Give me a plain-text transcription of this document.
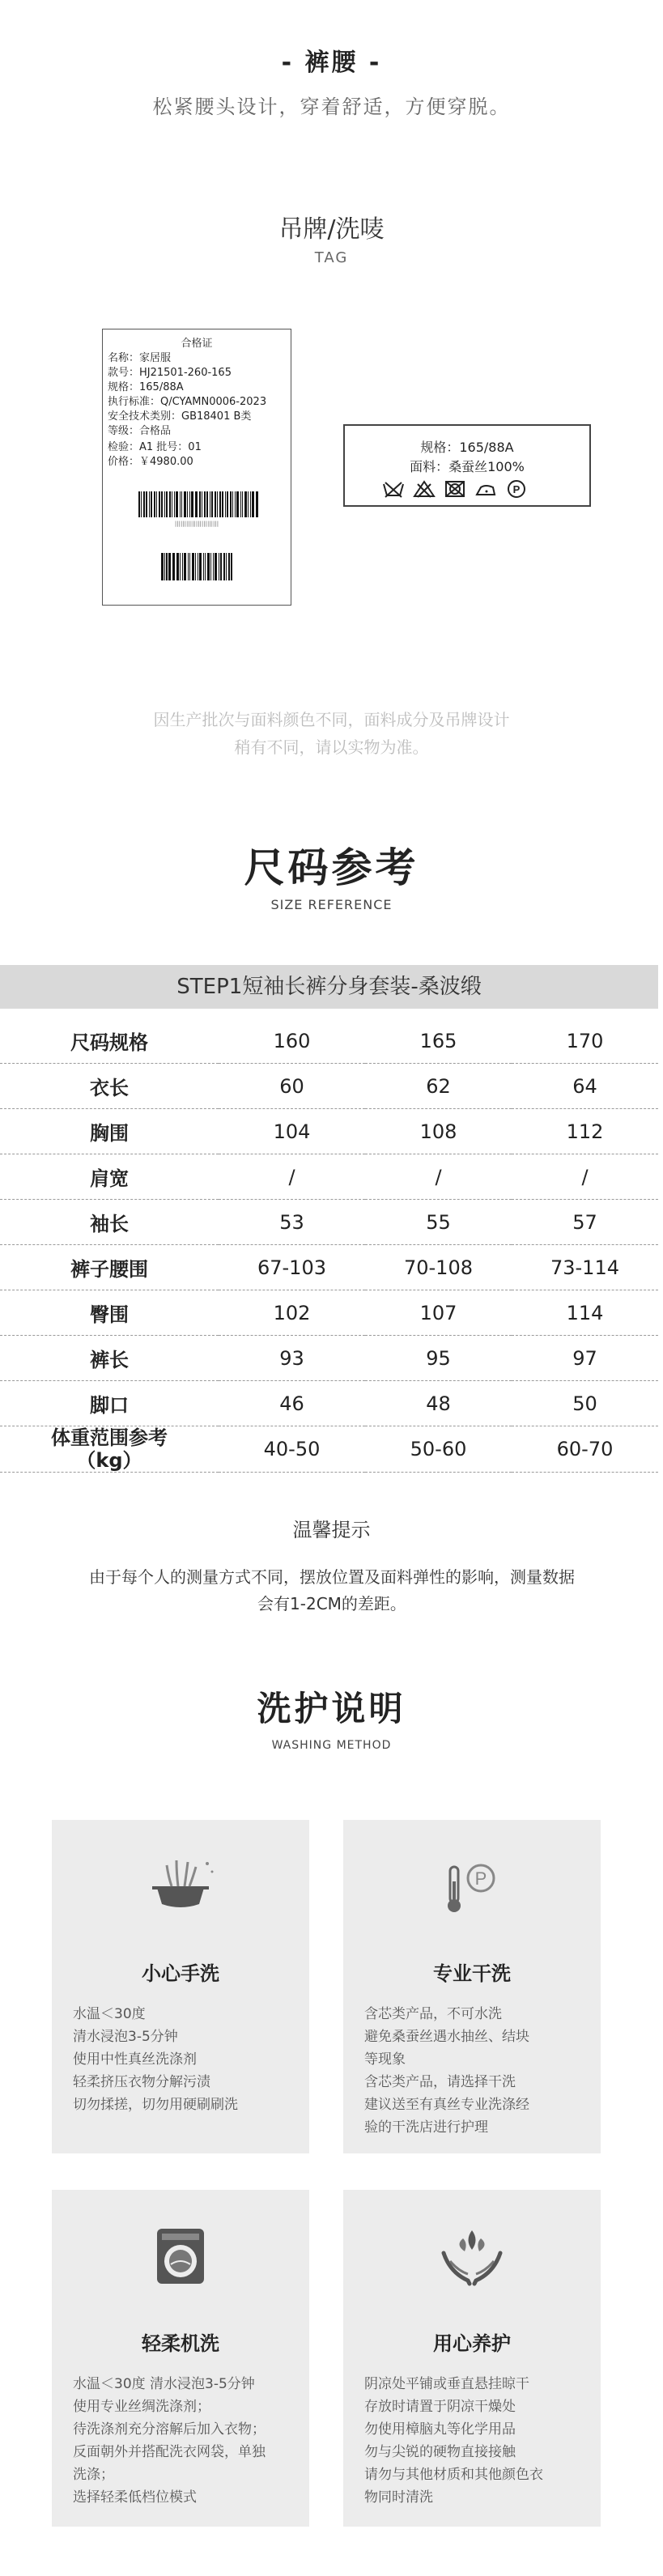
- 裤腰 -
松紧腰头设计，穿着舒适，方便穿脱。
吊牌/洗唛
TAG
合格证
名称：家居服
款号：HJ21501-260-165
规格：165/88A
执行标准：Q/CYAMN0006-2023
安全技术类别：GB18401 B类
等级：合格品
检验：A1 批号：01
价格：￥4980.00
|||||||||||||||||||||||
规格：165/88A
面料：桑蚕丝100%
P
因生产批次与面料颜色不同，面料成分及吊牌设计
稍有不同，请以实物为准。
尺码参考
SIZE REFERENCE
STEP1短袖长裤分身套装-桑波缎
尺码规格	160	165	170
衣长	60	62	64
胸围	104	108	112
肩宽	/	/	/
袖长	53	55	57
裤子腰围	67-103	70-108	73-114
臀围	102	107	114
裤长	93	95	97
脚口	46	48	50

体重范围参考
（kg）	40-50	50-60	60-70
温馨提示
由于每个人的测量方式不同，摆放位置及面料弹性的影响，测量数据
会有1-2CM的差距。
洗护说明
WASHING METHOD
小心手洗
水温＜30度
清水浸泡3-5分钟
使用中性真丝洗涤剂
轻柔挤压衣物分解污渍
切勿揉搓，切勿用硬刷刷洗
P
专业干洗
含芯类产品，不可水洗
避免桑蚕丝遇水抽丝、结块
等现象
含芯类产品，请选择干洗
建议送至有真丝专业洗涤经
验的干洗店进行护理
轻柔机洗
水温＜30度 清水浸泡3-5分钟
使用专业丝绸洗涤剂；
待洗涤剂充分溶解后加入衣物；
反面朝外并搭配洗衣网袋，单独
洗涤；
选择轻柔低档位模式
用心养护
阴凉处平铺或垂直悬挂晾干
存放时请置于阴凉干燥处
勿使用樟脑丸等化学用品
勿与尖锐的硬物直接接触
请勿与其他材质和其他颜色衣
物同时清洗
